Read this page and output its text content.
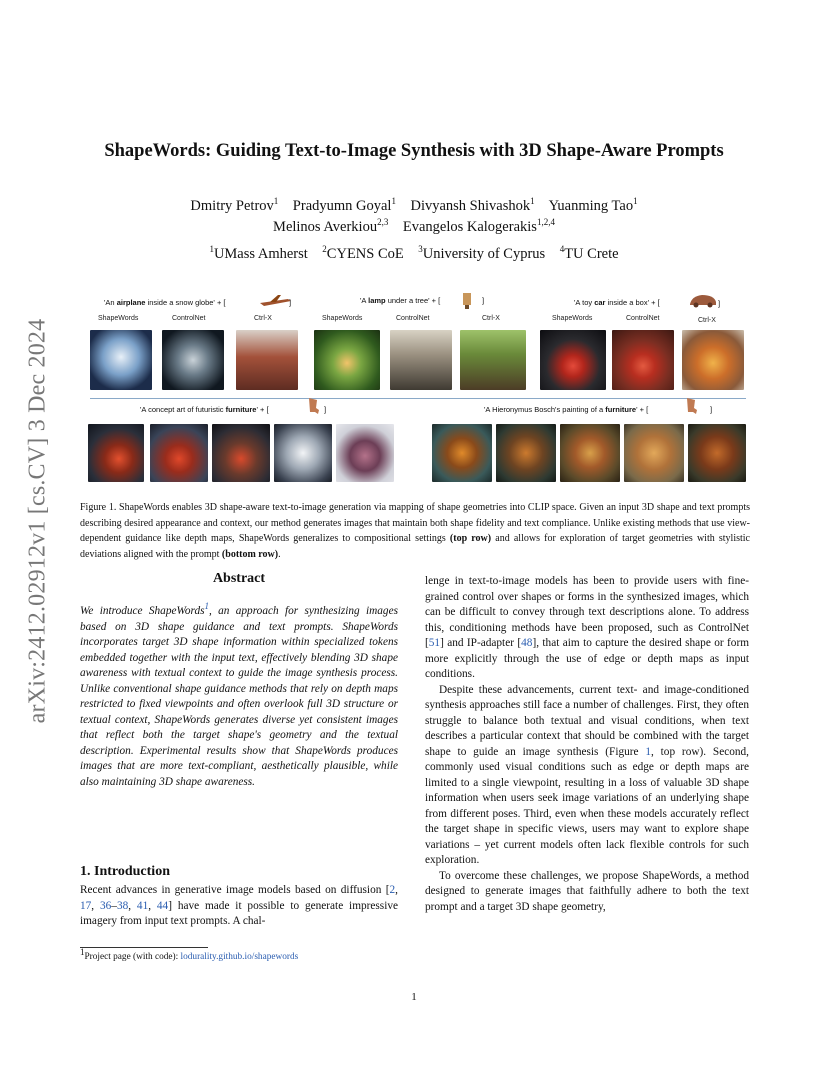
arXiv:2412.02912v1 [cs.CV] 3 Dec 2024
ShapeWords: Guiding Text-to-Image Synthesis with 3D Shape-Aware Prompts
Dmitry Petrov$^1$ Pradyumn Goyal$^1$ Divyansh Shivashok$^1$ Yuanming Tao$^1$
Melinos Averkiou$^{2,3}$ Evangelos Kalogerakis$^{1,2,4}$
$^1$UMass Amherst $^2$CYENS CoE $^3$University of Cyprus $^4$TU Crete
'An airplane inside a snow globe' + [	]	'A lamp under a tree' + [	]	'A toy car inside a box' + [	]
ShapeWords	ControlNet	Ctrl-X	ShapeWords	ControlNet	Ctrl-X	ShapeWords	ControlNet	Ctrl-X
'A concept art of futuristic furniture' + [	]	'A Hieronymus Bosch's painting of a furniture' + [	]
Figure 1. ShapeWords enables 3D shape-aware text-to-image generation via mapping of shape geometries into CLIP space. Given an input 3D shape and text prompts describing desired appearance and context, our method generates images that maintain both shape fidelity and text compliance. Unlike existing methods that use view-dependent guidance like depth maps, ShapeWords generalizes to compositional settings (top row) and allows for exploration of target geometries with stylistic deviations aligned with the prompt (bottom row).
Abstract
We introduce ShapeWords$^1$, an approach for synthesizing images based on 3D shape guidance and text prompts. ShapeWords incorporates target 3D shape information within specialized tokens embedded together with the input text, effectively blending 3D shape awareness with textual context to guide the image synthesis process. Unlike conventional shape guidance methods that rely on depth maps restricted to fixed viewpoints and often overlook full 3D structure or textual context, ShapeWords generates diverse yet consistent images that reflect both the target shape's geometry and the textual description. Experimental results show that ShapeWords produces images that are more text-compliant, aesthetically plausible, while also maintaining 3D shape awareness.
1. Introduction
Recent advances in generative image models based on diffusion [2, 17, 36–38, 41, 44] have made it possible to generate impressive imagery from input text prompts. A chal-
$^1$Project page (with code): lodurality.github.io/shapewords

lenge in text-to-image models has been to provide users with fine-grained control over shapes or forms in the synthesized images, which can be difficult to convey through text descriptions alone. To address this, conditioning methods have been proposed, such as ControlNet [51] and IP-adapter [48], that aim to capture the desired shape or form more explicitly through the use of edge or depth maps as input conditions.

Despite these advancements, current text- and image-conditioned synthesis approaches still face a number of challenges. First, they often struggle to balance both textual and visual conditions, when text describes a particular context that should be combined with the target shape to guide an image synthesis (Figure 1, top row). Second, commonly used visual conditions such as edge or depth maps are limited to a single viewpoint, resulting in a loss of valuable 3D shape information when users seek image variations of an underlying shape from different poses. Third, even when these models accurately reflect the target shape in specific views, users may want to explore shape variations – yet current models often lack flexible controls for such exploration.

To overcome these challenges, we propose ShapeWords, a method designed to generate images that faithfully adhere to both the text prompt and a target 3D shape geometry,

1
